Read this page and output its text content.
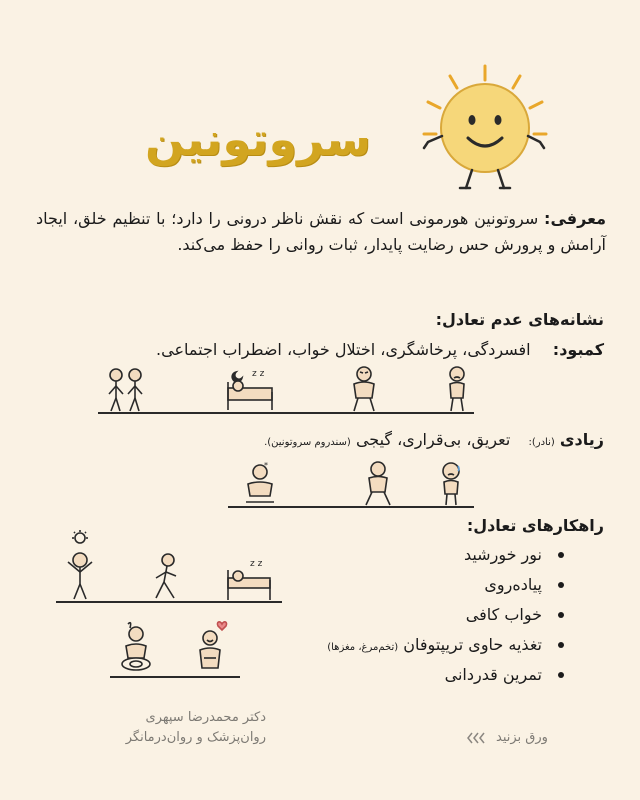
سروتونین
معرفی: سروتونین هورمونی است که نقش ناظر درونی را دارد؛ با تنظیم خلق، ایجاد آرامش و پرورش حس رضایت پایدار، ثبات روانی را حفظ می‌کند.
نشانه‌های عدم تعادل:
کمبود:  افسردگی، پرخاشگری، اختلال خواب، اضطراب اجتماعی.
z z
زیادی (نادر):  تعریق، بی‌قراری، گیجی (سندروم سروتونین).
*
راهکارهای تعادل:
نور خورشید
پیاده‌روی
خواب کافی
تغذیه حاوی تریپتوفان (تخم‌مرغ، مغزها)
تمرین قدردانی
z z
دکتر محمدرضا سپهری
روان‌پزشک و روان‌درمانگر	ورق بزنید
